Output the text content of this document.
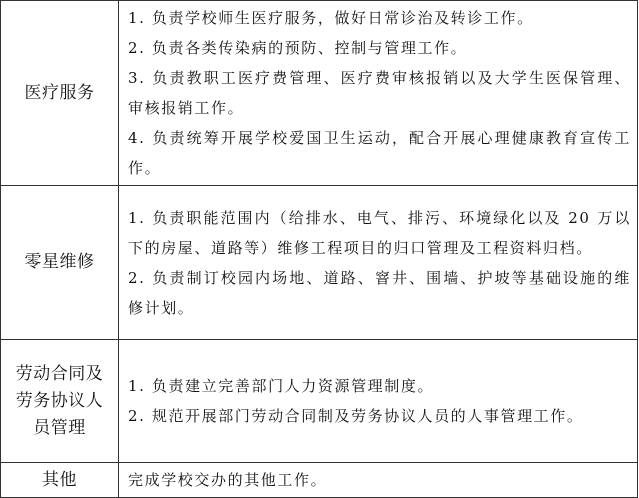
医疗服务	1. 负责学校师生医疗服务，做好日常诊治及转诊工作。

2. 负责各类传染病的预防、控制与管理工作。

3. 负责教职工医疗费管理、医疗费审核报销以及大学生医保管理、审核报销工作。

4. 负责统筹开展学校爱国卫生运动，配合开展心理健康教育宣传工作。

零星维修	1. 负责职能范围内（给排水、电气、排污、环境绿化以及 20 万以下的房屋、道路等）维修工程项目的归口管理及工程资料归档。

2. 负责制订校园内场地、道路、窨井、围墙、护坡等基础设施的维修计划。

劳动合同及劳务协议人员管理	1. 负责建立完善部门人力资源管理制度。

2. 规范开展部门劳动合同制及劳务协议人员的人事管理工作。

其他	完成学校交办的其他工作。
